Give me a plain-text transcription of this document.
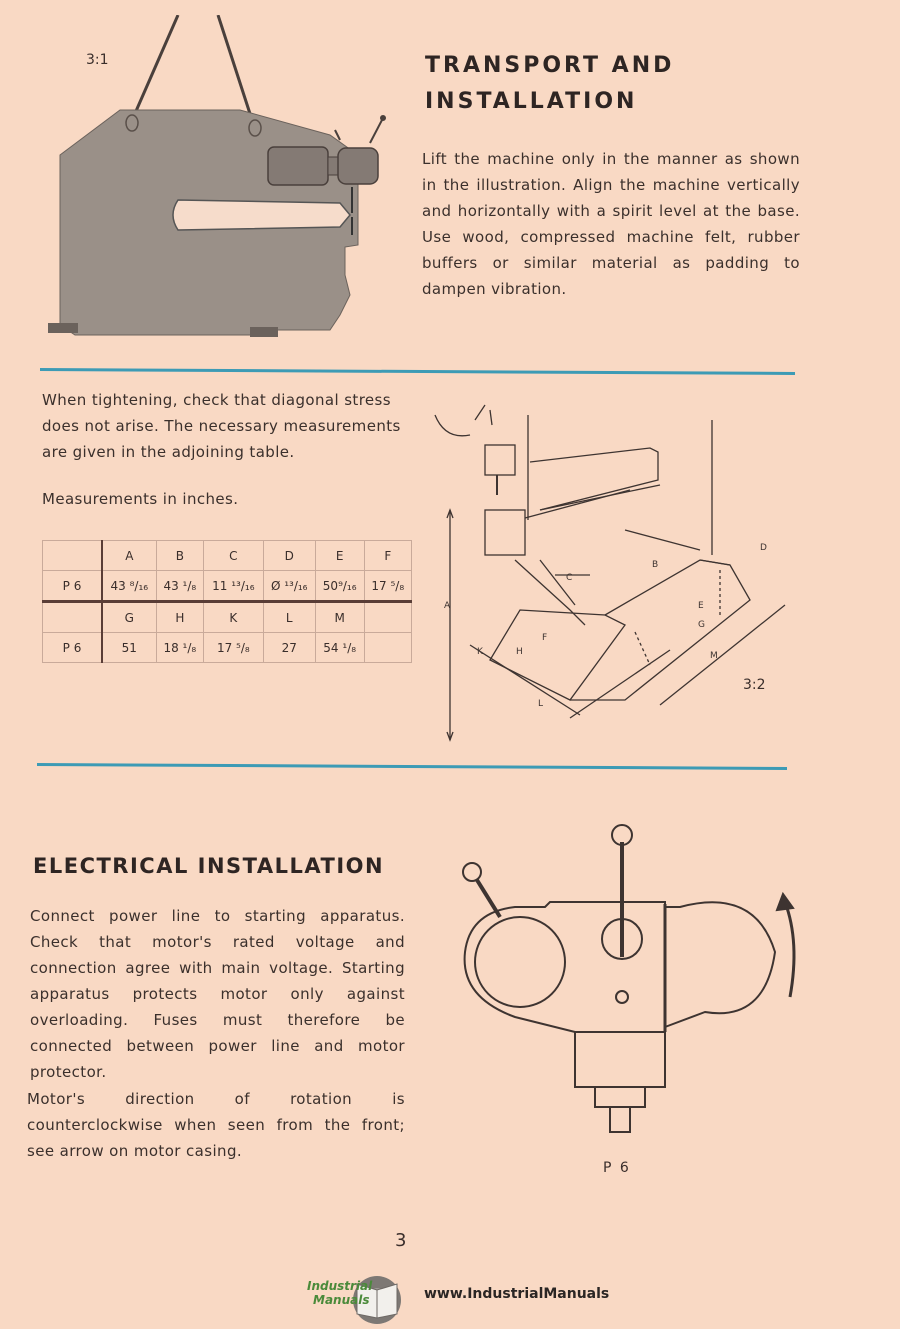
3:1	TRANSPORT AND
INSTALLATION

Lift the machine only in the manner as shown in the illustration. Align the machine vertically and horizontally with a spirit level at the base. Use wood, compressed machine felt, rubber buffers or similar material as padding to dampen vibration.

When tightening, check that diagonal stress does not arise. The necessary measurements are given in the adjoining table.

Measurements in inches.

	A	B	C	D	E	F
P 6	43 ⁸/₁₆	43 ¹/₈	11 ¹³/₁₆	Ø ¹³/₁₆	50⁹/₁₆	17 ⁵/₈
	G	H	K	L	M	
P 6	51	18 ¹/₈	17 ⁵/₈	27	54 ¹/₈	
A
B
C
D
E
F
G
H
K
L
M
3:2
ELECTRICAL INSTALLATION

Connect power line to starting apparatus. Check that motor's rated voltage and connection agree with main voltage. Starting apparatus protects motor only against overloading. Fuses must therefore be connected between power line and motor protector.

Motor's direction of rotation is counterclockwise when seen from the front; see arrow on motor casing.

P 6
3
Industrial
Manuals	www.IndustrialManuals
